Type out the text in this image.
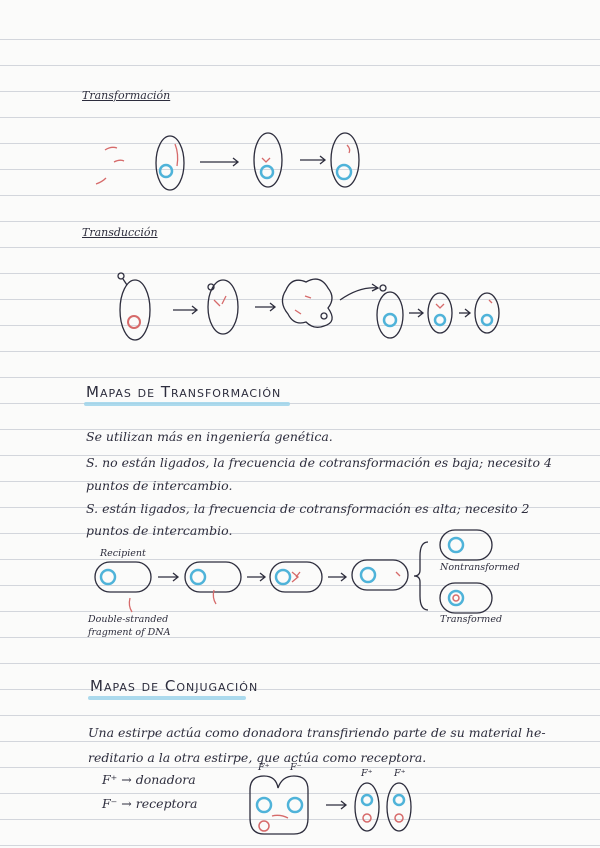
Transformación
Transducción
Mapas de Transformación
Se utilizan más en ingeniería genética.
S. no están ligados, la frecuencia de cotransformación es baja; necesito 4
puntos de intercambio.
S. están ligados, la frecuencia de cotransformación es alta; necesito 2
puntos de intercambio.
Recipient
Double-stranded
fragment of DNA
Nontransformed
Transformed
Mapas de Conjugación
Una estirpe actúa como donadora transfiriendo parte de su material he-
reditario a la otra estirpe, que actúa como receptora.
F⁺ → donadora
F⁻ → receptora
F⁺ F⁻
F⁺ F⁺
